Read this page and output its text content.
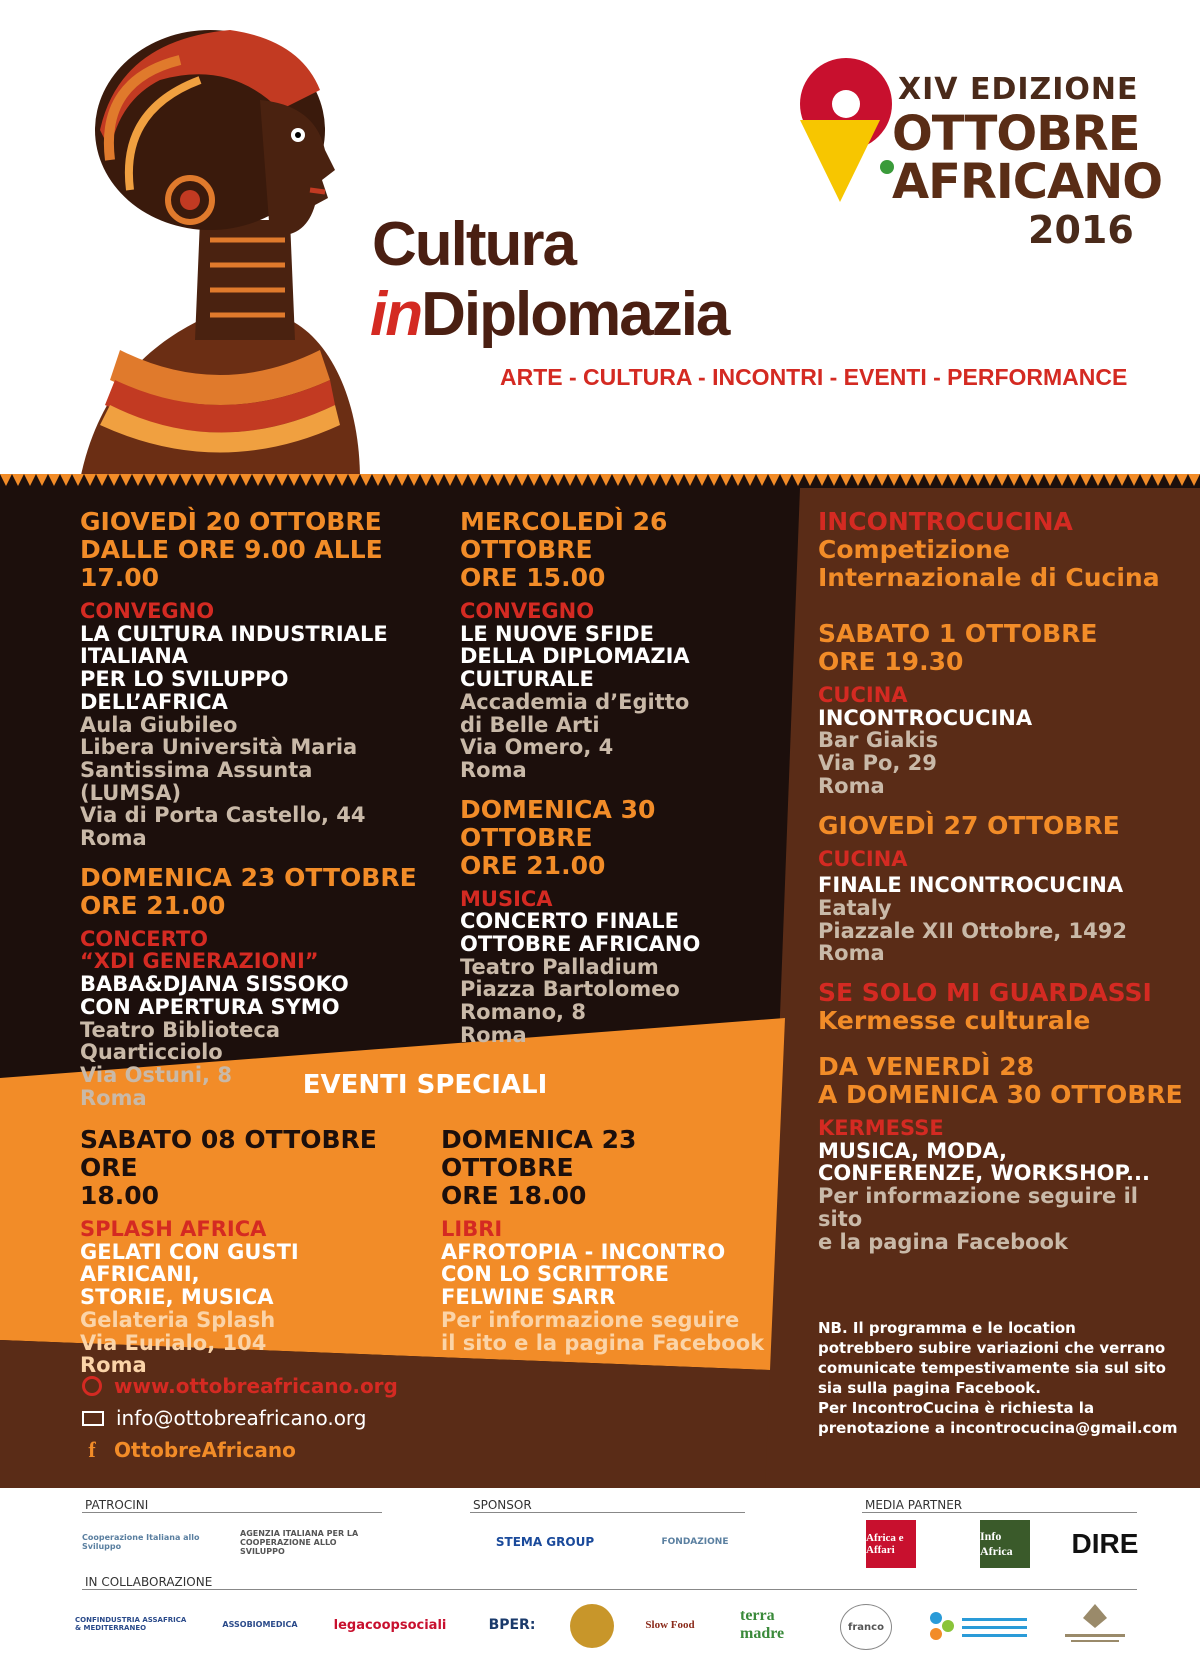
XIV EDIZIONE
OTTOBRE
AFRICANO
2016
Cultura
inDiplomazia
ARTE - CULTURA - INCONTRI - EVENTI - PERFORMANCE
GIOVEDÌ 20 OTTOBRE
DALLE ORE 9.00 ALLE 17.00
CONVEGNO
LA CULTURA INDUSTRIALE
ITALIANA
PER LO SVILUPPO DELL’AFRICA
Aula Giubileo
Libera Università Maria
Santissima Assunta (LUMSA)
Via di Porta Castello, 44
Roma
DOMENICA 23 OTTOBRE
ORE 21.00
CONCERTO
“XDI GENERAZIONI”
BABA&DJANA SISSOKO
CON APERTURA SYMO
Teatro Biblioteca Quarticciolo
Via Ostuni, 8
Roma
MERCOLEDÌ 26 OTTOBRE
ORE 15.00
CONVEGNO
LE NUOVE SFIDE
DELLA DIPLOMAZIA
CULTURALE
Accademia d’Egitto
di Belle Arti
Via Omero, 4
Roma
DOMENICA 30 OTTOBRE
ORE 21.00
MUSICA
CONCERTO FINALE
OTTOBRE AFRICANO
Teatro Palladium
Piazza Bartolomeo Romano, 8
Roma
INCONTROCUCINA
Competizione
Internazionale di Cucina
SABATO 1 OTTOBRE
ORE 19.30
CUCINA
INCONTROCUCINA
Bar Giakis
Via Po, 29
Roma
GIOVEDÌ 27 OTTOBRE
CUCINA
FINALE INCONTROCUCINA
Eataly
Piazzale XII Ottobre, 1492
Roma
SE SOLO MI GUARDASSI
Kermesse culturale
DA VENERDÌ 28
A DOMENICA 30 OTTOBRE
KERMESSE
MUSICA, MODA,
CONFERENZE, WORKSHOP...
Per informazione seguire il sito
e la pagina Facebook
NB. Il programma e le location
potrebbero subire variazioni che verrano
comunicate tempestivamente sia sul sito
sia sulla pagina Facebook.
Per IncontroCucina è richiesta la
prenotazione a incontrocucina@gmail.com
EVENTI SPECIALI
SABATO 08 OTTOBRE ORE
18.00
SPLASH AFRICA
GELATI CON GUSTI AFRICANI,
STORIE, MUSICA
Gelateria Splash
Via Eurialo, 104
Roma
DOMENICA 23 OTTOBRE
ORE 18.00
LIBRI
AFROTOPIA - INCONTRO
CON LO SCRITTORE
FELWINE SARR
Per informazione seguire
il sito e la pagina Facebook
www.ottobreafricano.org
info@ottobreafricano.org
f OttobreAfricano
PATROCINI	SPONSOR	MEDIA PARTNER
Cooperazione Italiana allo Sviluppo
AGENZIA ITALIANA PER LA COOPERAZIONE ALLO SVILUPPO
STEMA GROUP	FONDAZIONE	Africa e Affari
Info Africa	DIRE
IN COLLABORAZIONE
CONFINDUSTRIA ASSAFRICA & MEDITERRANEO	ASSOBIOMEDICA	legacoopsociali	BPER:	Slow Food
terra madre	franco
